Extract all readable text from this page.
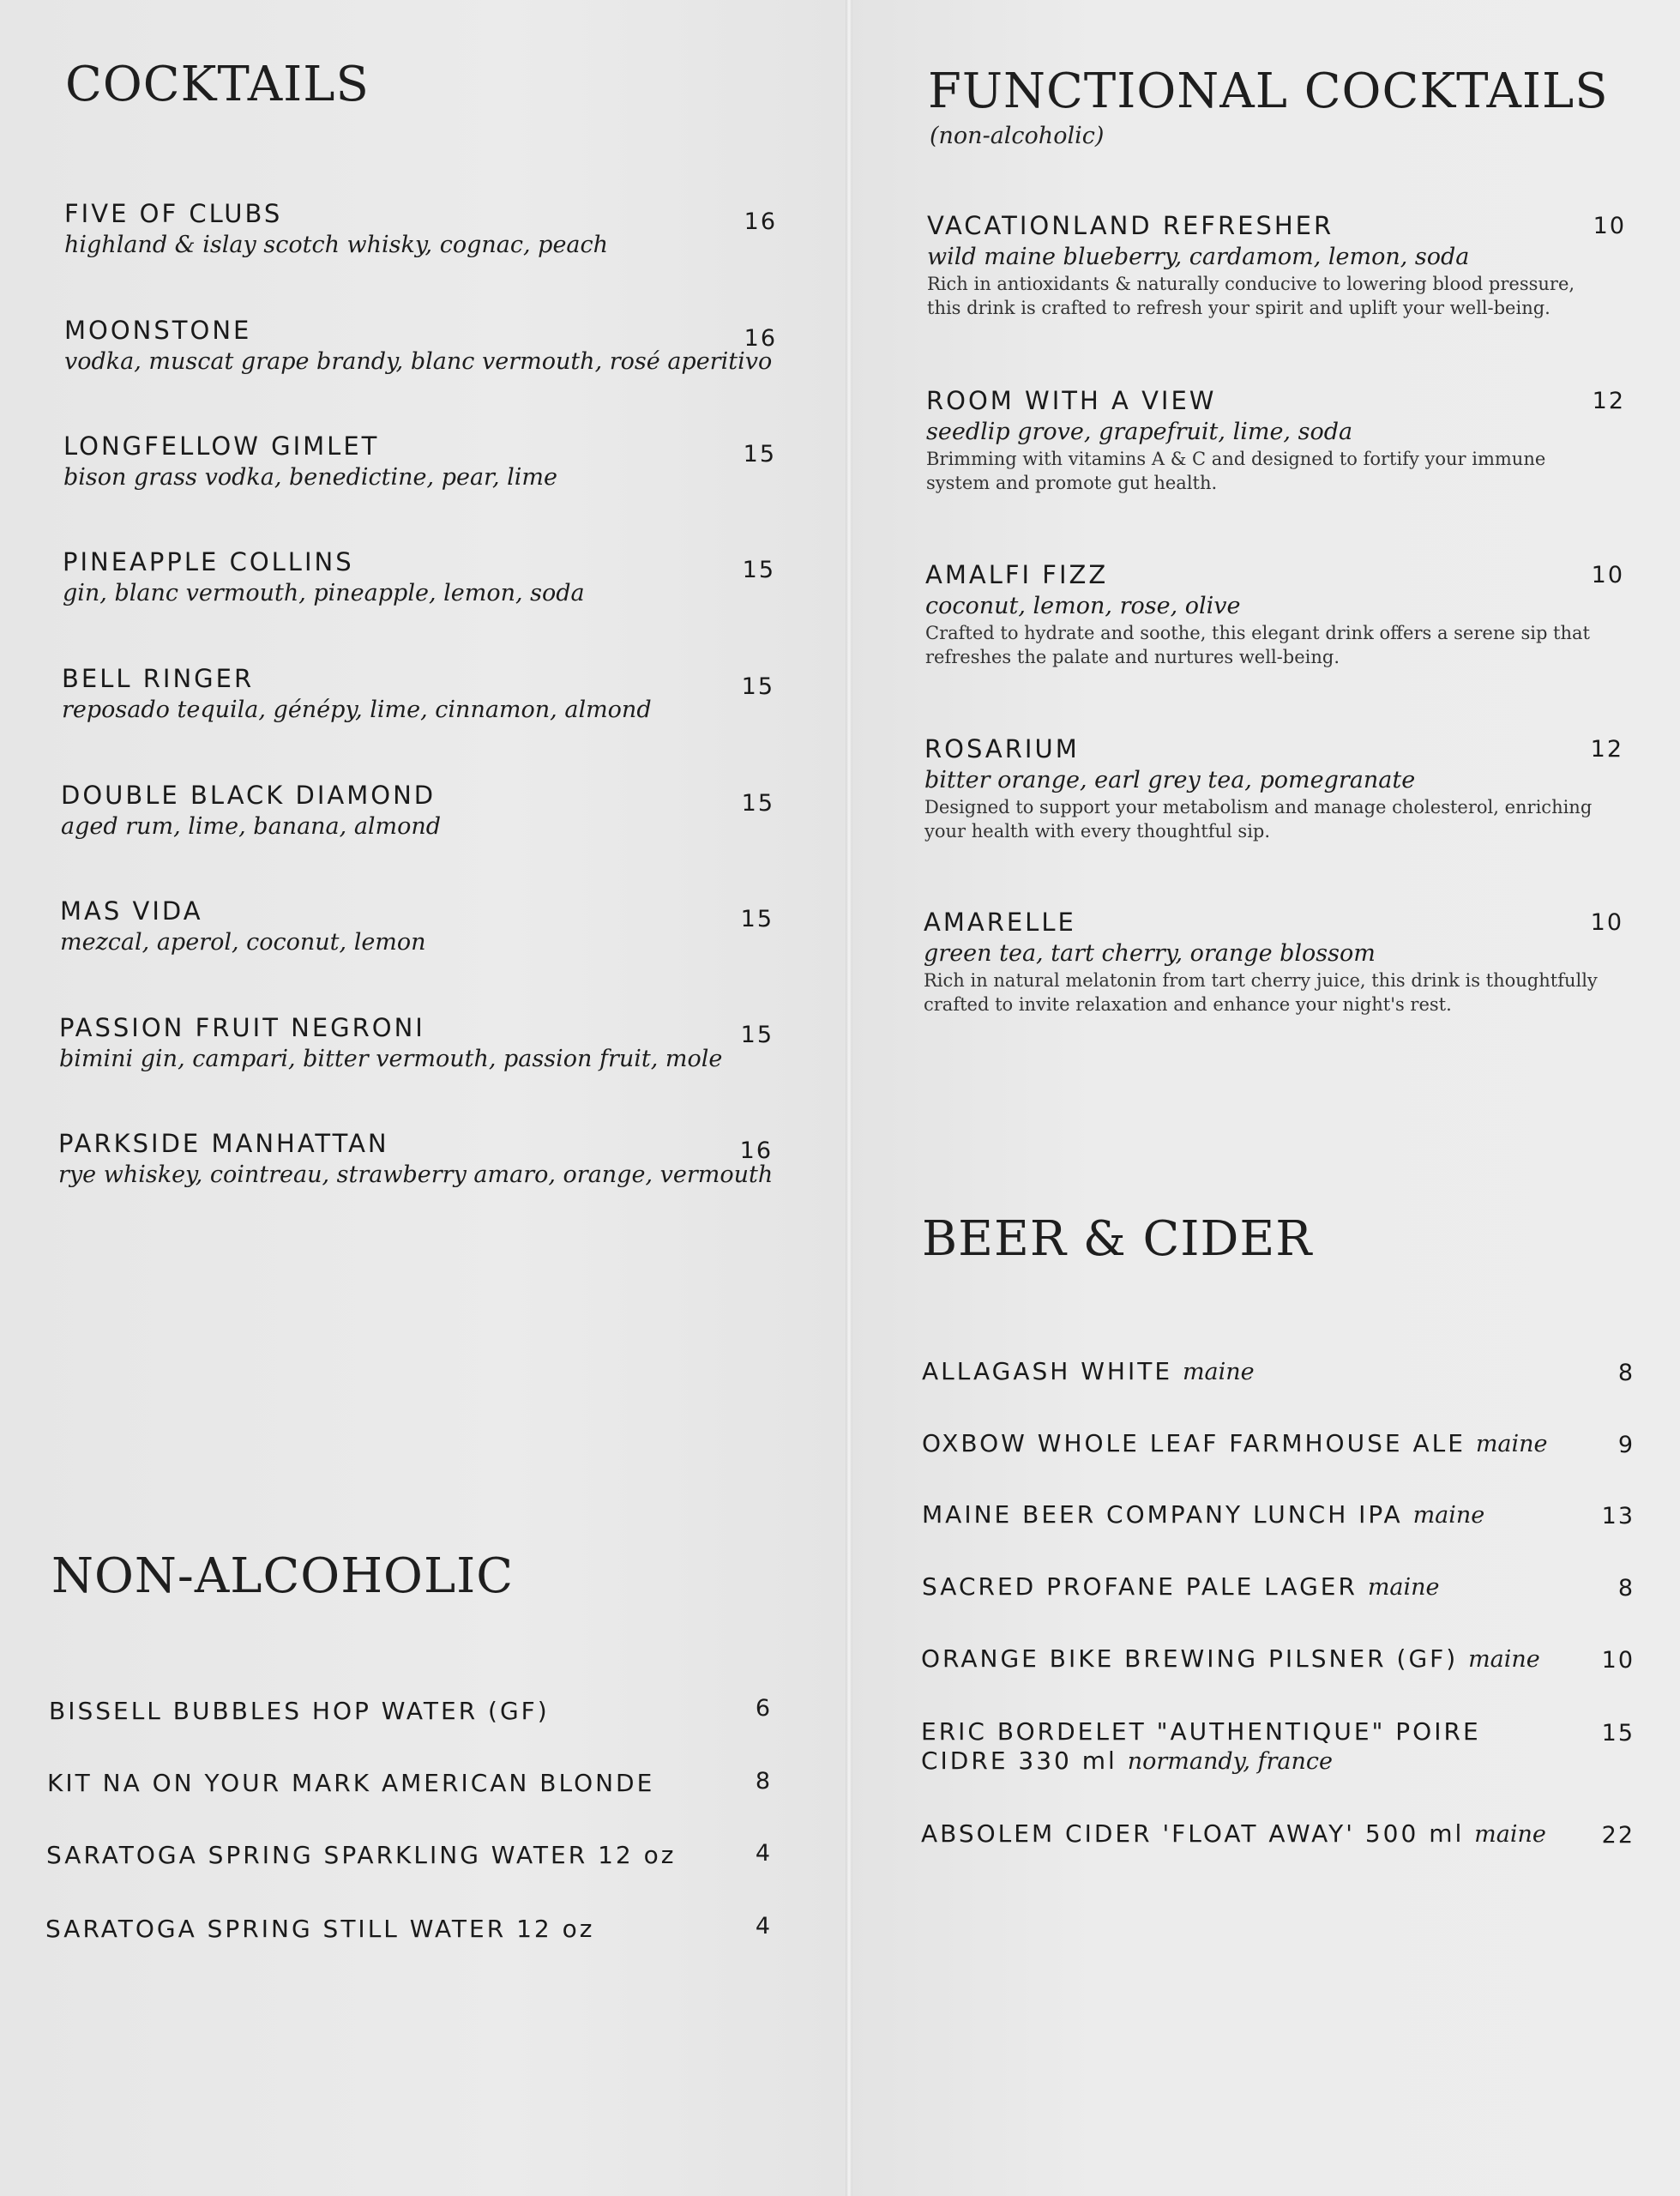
COCKTAILS
FIVE OF CLUBS
highland & islay scotch whisky, cognac, peach
16
MOONSTONE
vodka, muscat grape brandy, blanc vermouth, rosé aperitivo
16
LONGFELLOW GIMLET
bison grass vodka, benedictine, pear, lime
15
PINEAPPLE COLLINS
gin, blanc vermouth, pineapple, lemon, soda
15
BELL RINGER
reposado tequila, génépy, lime, cinnamon, almond
15
DOUBLE BLACK DIAMOND
aged rum, lime, banana, almond
15
MAS VIDA
mezcal, aperol, coconut, lemon
15
PASSION FRUIT NEGRONI
bimini gin, campari, bitter vermouth, passion fruit, mole
15
PARKSIDE MANHATTAN
rye whiskey, cointreau, strawberry amaro, orange, vermouth
16
NON-ALCOHOLIC
BISSELL BUBBLES HOP WATER (GF)	6
KIT NA ON YOUR MARK AMERICAN BLONDE	8
SARATOGA SPRING SPARKLING WATER 12 oz	4
SARATOGA SPRING STILL WATER 12 oz	4
FUNCTIONAL COCKTAILS
(non-alcoholic)
VACATIONLAND REFRESHER
wild maine blueberry, cardamom, lemon, soda
Rich in antioxidants & naturally conducive to lowering blood pressure,
this drink is crafted to refresh your spirit and uplift your well-being.
10
ROOM WITH A VIEW
seedlip grove, grapefruit, lime, soda
Brimming with vitamins A & C and designed to fortify your immune
system and promote gut health.
12
AMALFI FIZZ
coconut, lemon, rose, olive
Crafted to hydrate and soothe, this elegant drink offers a serene sip that
refreshes the palate and nurtures well-being.
10
ROSARIUM
bitter orange, earl grey tea, pomegranate
Designed to support your metabolism and manage cholesterol, enriching
your health with every thoughtful sip.
12
AMARELLE
green tea, tart cherry, orange blossom
Rich in natural melatonin from tart cherry juice, this drink is thoughtfully
crafted to invite relaxation and enhance your night's rest.
10
BEER & CIDER
ALLAGASH WHITE maine	8
OXBOW WHOLE LEAF FARMHOUSE ALE maine	9
MAINE BEER COMPANY LUNCH IPA maine	13
SACRED PROFANE PALE LAGER maine	8
ORANGE BIKE BREWING PILSNER (GF) maine	10
ERIC BORDELET "AUTHENTIQUE" POIRE
CIDRE 330 ml normandy, france
15
ABSOLEM CIDER 'FLOAT AWAY' 500 ml maine	22
